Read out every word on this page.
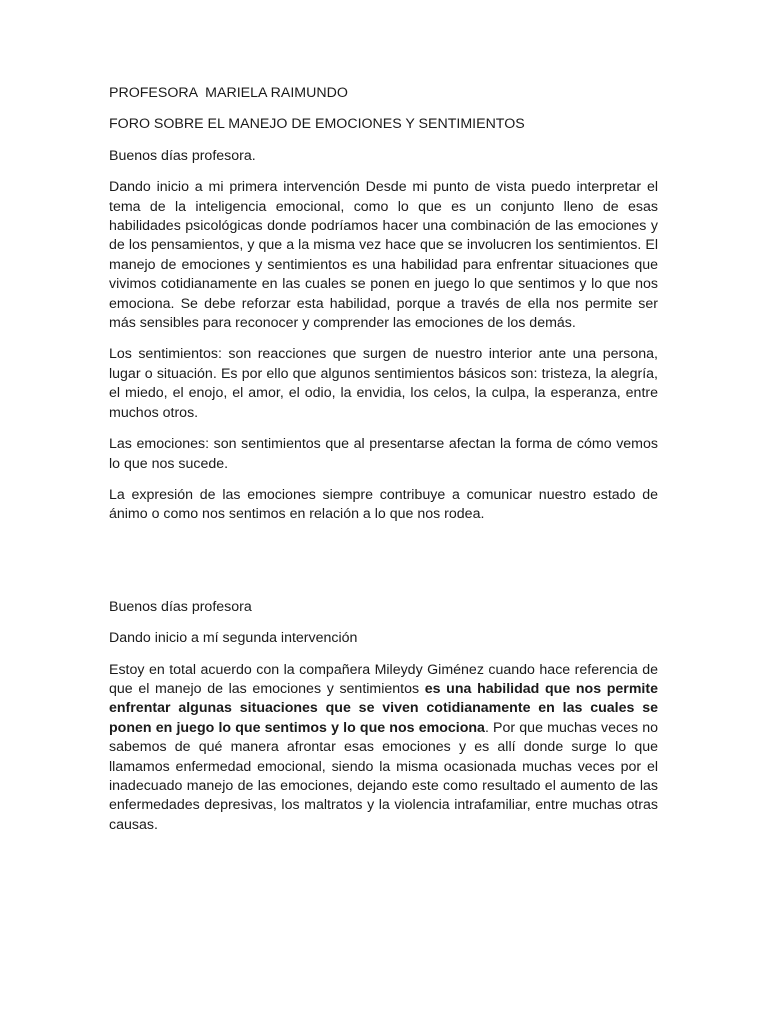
PROFESORA  MARIELA RAIMUNDO

FORO SOBRE EL MANEJO DE EMOCIONES Y SENTIMIENTOS

Buenos días profesora.

Dando inicio a mi primera intervención Desde mi punto de vista puedo interpretar el tema de la inteligencia emocional, como lo que es un conjunto lleno de esas habilidades psicológicas donde podríamos hacer una combinación de las emociones y de los pensamientos, y que a la misma vez hace que se involucren los sentimientos. El manejo de emociones y sentimientos es una habilidad para enfrentar situaciones que vivimos cotidianamente en las cuales se ponen en juego lo que sentimos y lo que nos emociona. Se debe reforzar esta habilidad, porque a través de ella nos permite ser más sensibles para reconocer y comprender las emociones de los demás.

Los sentimientos: son reacciones que surgen de nuestro interior ante una persona, lugar o situación. Es por ello que algunos sentimientos básicos son: tristeza, la alegría, el miedo, el enojo, el amor, el odio, la envidia, los celos, la culpa, la esperanza, entre muchos otros.

Las emociones: son sentimientos que al presentarse afectan la forma de cómo vemos lo que nos sucede.

La expresión de las emociones siempre contribuye a comunicar nuestro estado de ánimo o como nos sentimos en relación a lo que nos rodea.

Buenos días profesora

Dando inicio a mí segunda intervención

Estoy en total acuerdo con la compañera Mileydy Giménez cuando hace referencia de que el manejo de las emociones y sentimientos es una habilidad que nos permite enfrentar algunas situaciones que se viven cotidianamente en las cuales se ponen en juego lo que sentimos y lo que nos emociona. Por que muchas veces no sabemos de qué manera afrontar esas emociones y es allí donde surge lo que llamamos enfermedad emocional, siendo la misma ocasionada muchas veces por el inadecuado manejo de las emociones, dejando este como resultado el aumento de las enfermedades depresivas, los maltratos y la violencia intrafamiliar, entre muchas otras causas.
